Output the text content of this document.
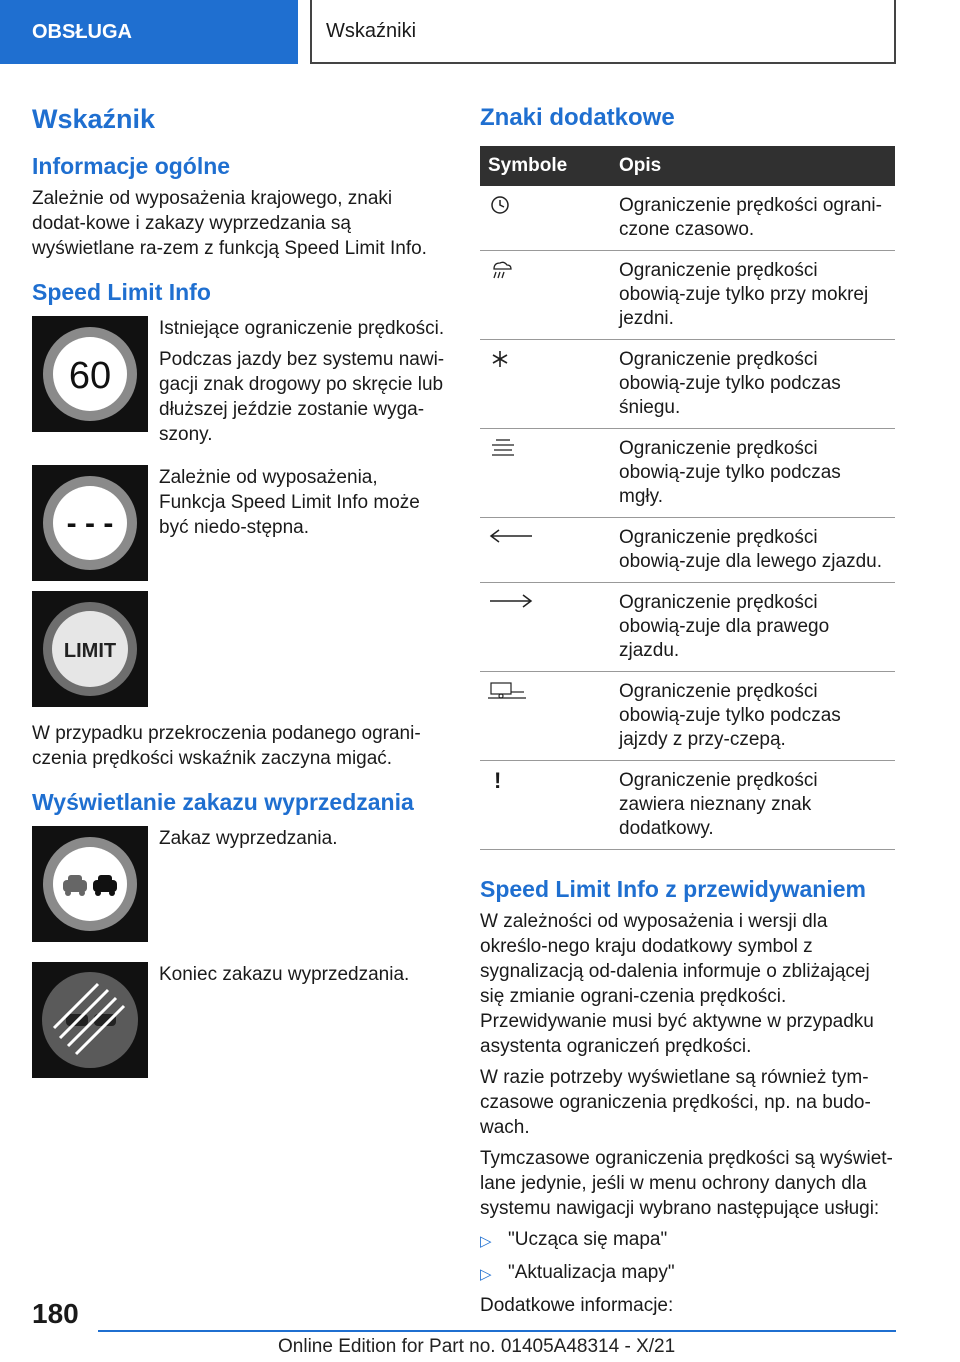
OBSŁUGA	Wskaźniki
Wskaźnik
Informacje ogólne

Zależnie od wyposażenia krajowego, znaki dodat-kowe i zakazy wyprzedzania są wyświetlane ra-zem z funkcją Speed Limit Info.

Speed Limit Info
60

Istniejące ograniczenie prędkości.

Podczas jazdy bez systemu nawi-gacji znak drogowy po skręcie lub dłuższej jeździe zostanie wyga-szony.

- - -

Zależnie od wyposażenia, Funkcja Speed Limit Info może być niedo-stępna.

LIMIT

W przypadku przekroczenia podanego ograni-czenia prędkości wskaźnik zaczyna migać.

Wyświetlanie zakazu wyprzedzania

Zakaz wyprzedzania.

Koniec zakazu wyprzedzania.

Znaki dodatkowe
Symbole	Opis
	Ograniczenie prędkości ograni-czone czasowo.
	Ograniczenie prędkości obowią-zuje tylko przy mokrej jezdni.
	Ograniczenie prędkości obowią-zuje tylko podczas śniegu.
	Ograniczenie prędkości obowią-zuje tylko podczas mgły.
	Ograniczenie prędkości obowią-zuje dla lewego zjazdu.
	Ograniczenie prędkości obowią-zuje dla prawego zjazdu.
	Ograniczenie prędkości obowią-zuje tylko podczas jajzdy z przy-czepą.
!	Ograniczenie prędkości zawiera nieznany znak dodatkowy.
Speed Limit Info z przewidywaniem

W zależności od wyposażenia i wersji dla określo-nego kraju dodatkowy symbol z sygnalizacją od-dalenia informuje o zbliżającej się zmianie ograni-czenia prędkości. Przewidywanie musi być aktywne w przypadku asystenta ograniczeń prędkości.

W razie potrzeby wyświetlane są również tym-czasowe ograniczenia prędkości, np. na budo-wach.

Tymczasowe ograniczenia prędkości są wyświet-lane jedynie, jeśli w menu ochrony danych dla systemu nawigacji wybrano następujące usługi:

▷ "Ucząca się mapa"
▷ "Aktualizacja mapy"

Dodatkowe informacje:

180
Online Edition for Part no. 01405A48314 - X/21
